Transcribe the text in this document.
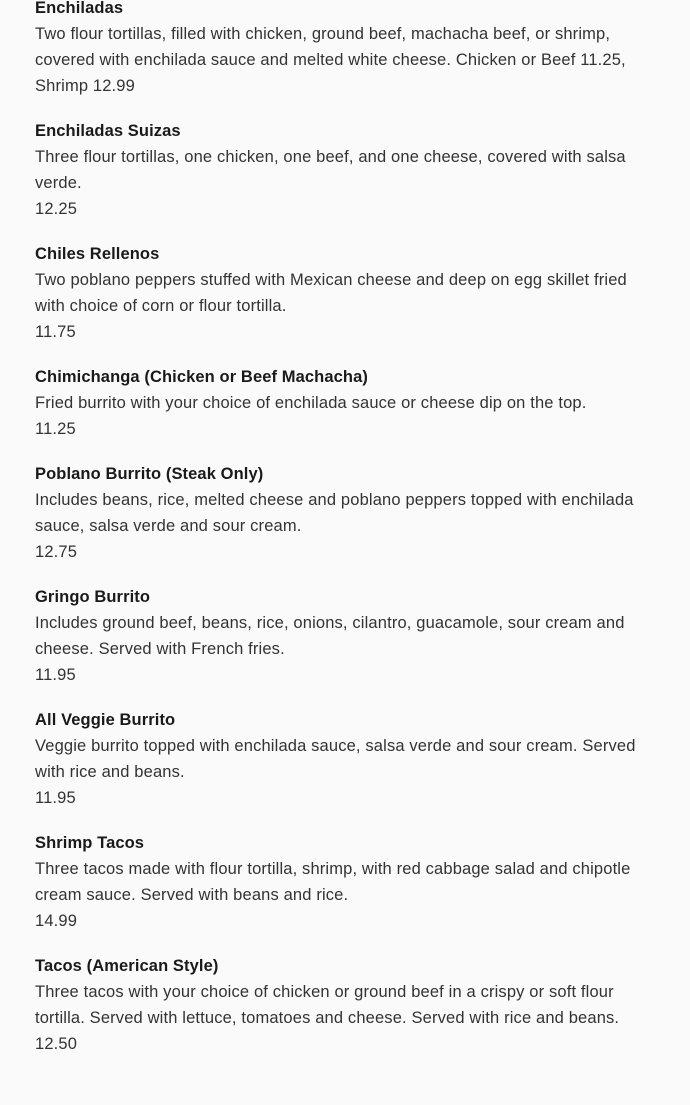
Enchiladas
Two flour tortillas, filled with chicken, ground beef, machacha beef, or shrimp, covered with enchilada sauce and melted white cheese. Chicken or Beef 11.25, Shrimp 12.99
Enchiladas Suizas
Three flour tortillas, one chicken, one beef, and one cheese, covered with salsa verde.
12.25
Chiles Rellenos
Two poblano peppers stuffed with Mexican cheese and deep on egg skillet fried with choice of corn or flour tortilla.
11.75
Chimichanga (Chicken or Beef Machacha)
Fried burrito with your choice of enchilada sauce or cheese dip on the top.
11.25
Poblano Burrito (Steak Only)
Includes beans, rice, melted cheese and poblano peppers topped with enchilada sauce, salsa verde and sour cream.
12.75
Gringo Burrito
Includes ground beef, beans, rice, onions, cilantro, guacamole, sour cream and cheese. Served with French fries.
11.95
All Veggie Burrito
Veggie burrito topped with enchilada sauce, salsa verde and sour cream. Served with rice and beans.
11.95
Shrimp Tacos
Three tacos made with flour tortilla, shrimp, with red cabbage salad and chipotle cream sauce. Served with beans and rice.
14.99
Tacos (American Style)
Three tacos with your choice of chicken or ground beef in a crispy or soft flour tortilla. Served with lettuce, tomatoes and cheese. Served with rice and beans.
12.50
